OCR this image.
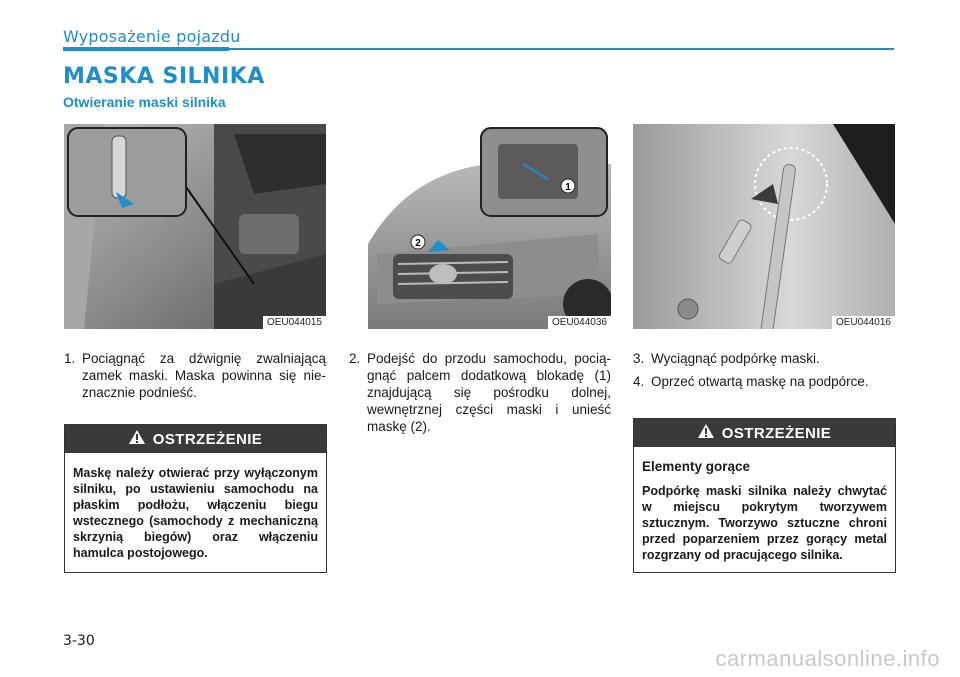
Wyposażenie pojazdu
MASKA SILNIKA
Otwieranie maski silnika
OEU044015
2
1
OEU044036	OEU044016
1. Pociągnąć za dźwignię zwalniającą zamek maski. Maska powinna się nieznacznie podnieść.
2. Podejść do przodu samochodu, pociągnąć palcem dodatkową blokadę (1) znajdującą się pośrodku dolnej, wewnętrznej części maski i unieść maskę (2).
3. Wyciągnąć podpórkę maski.
4. Oprzeć otwartą maskę na podpórce.
OSTRZEŻENIE
Maskę należy otwierać przy wyłączonym silniku, po ustawieniu samochodu na płaskim podłożu, włączeniu biegu wstecznego (samochody z mechaniczną skrzynią biegów) oraz włączeniu hamulca postojowego.
OSTRZEŻENIE
Elementy gorące
Podpórkę maski silnika należy chwytać w miejscu pokrytym tworzywem sztucznym. Tworzywo sztuczne chroni przed poparzeniem przez gorący metal rozgrzany od pracującego silnika.
3-30
carmanualsonline.info
